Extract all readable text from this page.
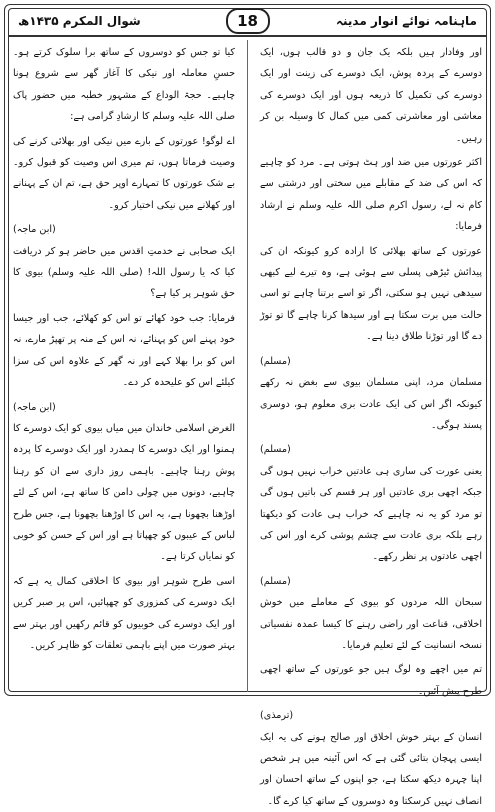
ماہنامہ نوائے انوار مدینہ
شوال المکرم ۱۴۳۵ھ	18

اور وفادار ہیں بلکہ یک جان و دو قالب ہوں، ایک دوسرے کے پردہ پوش، ایک دوسرے کی زینت اور ایک دوسرے کی تکمیل کا ذریعہ ہوں اور ایک دوسرے کی معاشی اور معاشرتی کمی میں کمال کا وسیلہ بن کر رہیں۔

اکثر عورتوں میں ضد اور ہٹ ہوتی ہے۔ مرد کو چاہیے کہ اس کی ضد کے مقابلے میں سختی اور درشتی سے کام نہ لے، رسول اکرم صلی اللہ علیہ وسلم نے ارشاد فرمایا:

عورتوں کے ساتھ بھلائی کا ارادہ کرو کیونکہ ان کی پیدائش ٹیڑھی پسلی سے ہوئی ہے، وہ تیرے لیے کبھی سیدھی نہیں ہو سکتی، اگر تو اسے برتنا چاہے تو اسی حالت میں برت سکتا ہے اور سیدھا کرنا چاہے گا تو توڑ دے گا اور توڑنا طلاق دینا ہے۔

(مسلم)

مسلمان مرد، اپنی مسلمان بیوی سے بغض نہ رکھے کیونکہ اگر اس کی ایک عادت بری معلوم ہو، دوسری پسند ہوگی۔

(مسلم)

یعنی عورت کی ساری ہی عادتیں خراب نہیں ہوں گی جبکہ اچھی بری عادتیں اور ہر قسم کی باتیں ہوں گی تو مرد کو یہ نہ چاہیے کہ خراب ہی عادت کو دیکھتا رہے بلکہ بری عادت سے چشم پوشی کرے اور اس کی اچھی عادتوں پر نظر رکھے۔

(مسلم)

سبحان اللہ مردوں کو بیوی کے معاملے میں خوش اخلاقی، قناعت اور راضی رہنے کا کیسا عمدہ نفسیاتی نسخہ انسانیت کے لئے تعلیم فرمایا۔

تم میں اچھے وہ لوگ ہیں جو عورتوں کے ساتھ اچھی طرح پیش آئیں۔

(ترمذی)

انسان کے بہتر خوش اخلاق اور صالح ہونے کی یہ ایک ایسی پہچان بتائی گئی ہے کہ اس آئینہ میں ہر شخص اپنا چہرہ دیکھ سکتا ہے، جو اپنوں کے ساتھ احسان اور انصاف نہیں کرسکتا وہ دوسروں کے ساتھ کیا کرے گا۔

کیا تو جس کو دوسروں کے ساتھ برا سلوک کرتے ہو۔ حسنِ معاملہ اور نیکی کا آغاز گھر سے شروع ہونا چاہیے۔ حجۃ الوداع کے مشہور خطبہ میں حضور پاک صلی اللہ علیہ وسلم کا ارشادِ گرامی ہے:

اے لوگو! عورتوں کے بارے میں نیکی اور بھلائی کرنے کی وصیت فرماتا ہوں، تم میری اس وصیت کو قبول کرو۔ بے شک عورتوں کا تمہارے اوپر حق ہے، تم ان کے پہنانے اور کھلانے میں نیکی اختیار کرو۔

(ابن ماجہ)

ایک صحابی نے خدمتِ اقدس میں حاضر ہو کر دریافت کیا کہ یا رسول اللہ! (صلی اللہ علیہ وسلم) بیوی کا حق شوہر پر کیا ہے؟

فرمایا: جب خود کھائے تو اس کو کھلائے، جب اور جیسا خود پہنے اس کو پہنائے، نہ اس کے منہ پر تھپڑ مارے، نہ اس کو برا بھلا کہے اور نہ گھر کے علاوہ اس کی سزا کیلئے اس کو علیحدہ کر دے۔

(ابن ماجہ)

الغرض اسلامی خاندان میں میاں بیوی کو ایک دوسرے کا ہمنوا اور ایک دوسرے کا ہمدرد اور ایک دوسرے کا پردہ پوش رہنا چاہیے۔ باہمی روز داری سے ان کو رہنا چاہیے، دونوں میں چولی دامن کا ساتھ ہے، اس کے لئے اوڑھنا بچھونا ہے، یہ اس کا اوڑھنا بچھونا ہے، جس طرح لباس کے عیبوں کو چھپاتا ہے اور اس کے حسن کو خوبی کو نمایاں کرتا ہے۔

اسی طرح شوہر اور بیوی کا اخلاقی کمال یہ ہے کہ ایک دوسرے کی کمزوری کو چھپائیں، اس پر صبر کریں اور ایک دوسرے کی خوبیوں کو قائم رکھیں اور بہتر سے بہتر صورت میں اپنے باہمی تعلقات کو ظاہر کریں۔
